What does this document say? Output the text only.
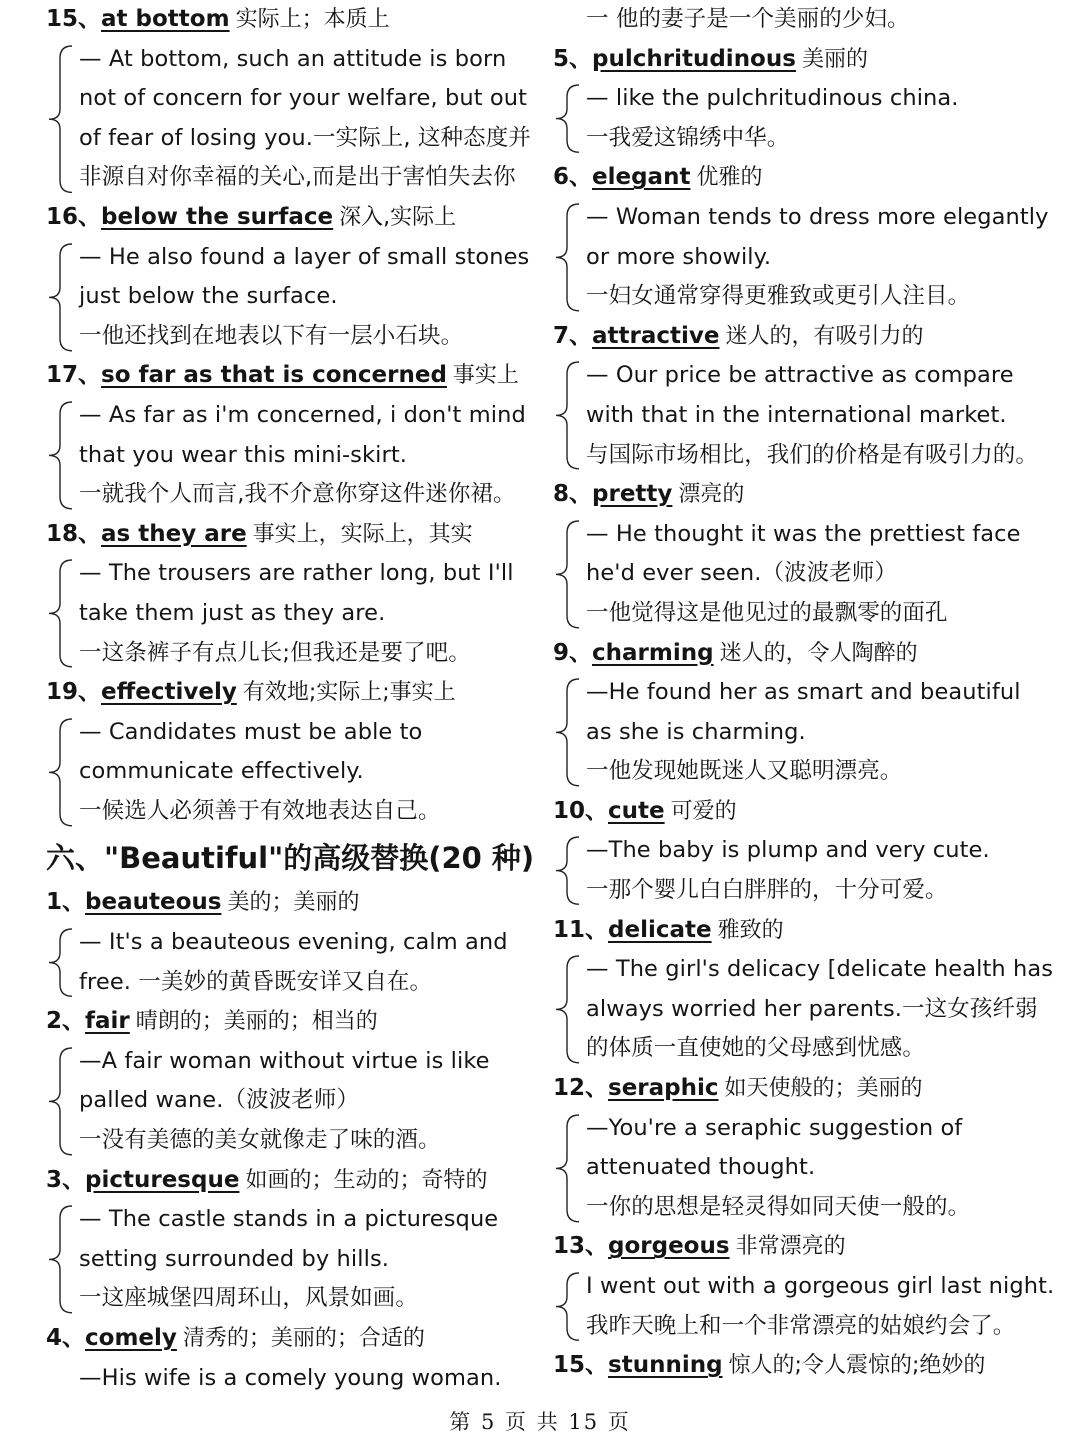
15、at bottom 实际上；本质上
— At bottom, such an attitude is born
not of concern for your welfare, but out
of fear of losing you.一实际上, 这种态度并
非源自对你幸福的关心,而是出于害怕失去你
16、below the surface 深入,实际上
— He also found a layer of small stones
just below the surface.
一他还找到在地表以下有一层小石块。
17、so far as that is concerned 事实上
— As far as i'm concerned, i don't mind
that you wear this mini-skirt.
一就我个人而言,我不介意你穿这件迷你裙。
18、as they are 事实上，实际上，其实
— The trousers are rather long, but I'll
take them just as they are.
一这条裤子有点儿长;但我还是要了吧。
19、effectively 有效地;实际上;事实上
— Candidates must be able to
communicate effectively.
一候选人必须善于有效地表达自己。
六、"Beautiful"的高级替换(20 种)
1、beauteous 美的；美丽的
— It's a beauteous evening, calm and
free. 一美妙的黄昏既安详又自在。
2、fair 晴朗的；美丽的；相当的
—A fair woman without virtue is like
palled wane.（波波老师）
一没有美德的美女就像走了味的酒。
3、picturesque 如画的；生动的；奇特的
— The castle stands in a picturesque
setting surrounded by hills.
一这座城堡四周环山，风景如画。
4、comely 清秀的；美丽的；合适的
—His wife is a comely young woman.
一 他的妻子是一个美丽的少妇。
5、pulchritudinous 美丽的
— like the pulchritudinous china.
一我爱这锦绣中华。
6、elegant 优雅的
— Woman tends to dress more elegantly
or more showily.
一妇女通常穿得更雅致或更引人注目。
7、attractive 迷人的，有吸引力的
— Our price be attractive as compare
with that in the international market.
与国际市场相比，我们的价格是有吸引力的。
8、pretty 漂亮的
— He thought it was the prettiest face
he'd ever seen.（波波老师）
一他觉得这是他见过的最飘零的面孔
9、charming 迷人的，令人陶醉的
—He found her as smart and beautiful
as she is charming.
一他发现她既迷人又聪明漂亮。
10、cute 可爱的
—The baby is plump and very cute.
一那个婴儿白白胖胖的，十分可爱。
11、delicate 雅致的
— The girl's delicacy [delicate health has
always worried her parents.一这女孩纤弱
的体质一直使她的父母感到忧感。
12、seraphic 如天使般的；美丽的
—You're a seraphic suggestion of
attenuated thought.
一你的思想是轻灵得如同天使一般的。
13、gorgeous 非常漂亮的
I went out with a gorgeous girl last night.
我昨天晚上和一个非常漂亮的姑娘约会了。
15、stunning 惊人的;令人震惊的;绝妙的
第 5 页 共 15 页
